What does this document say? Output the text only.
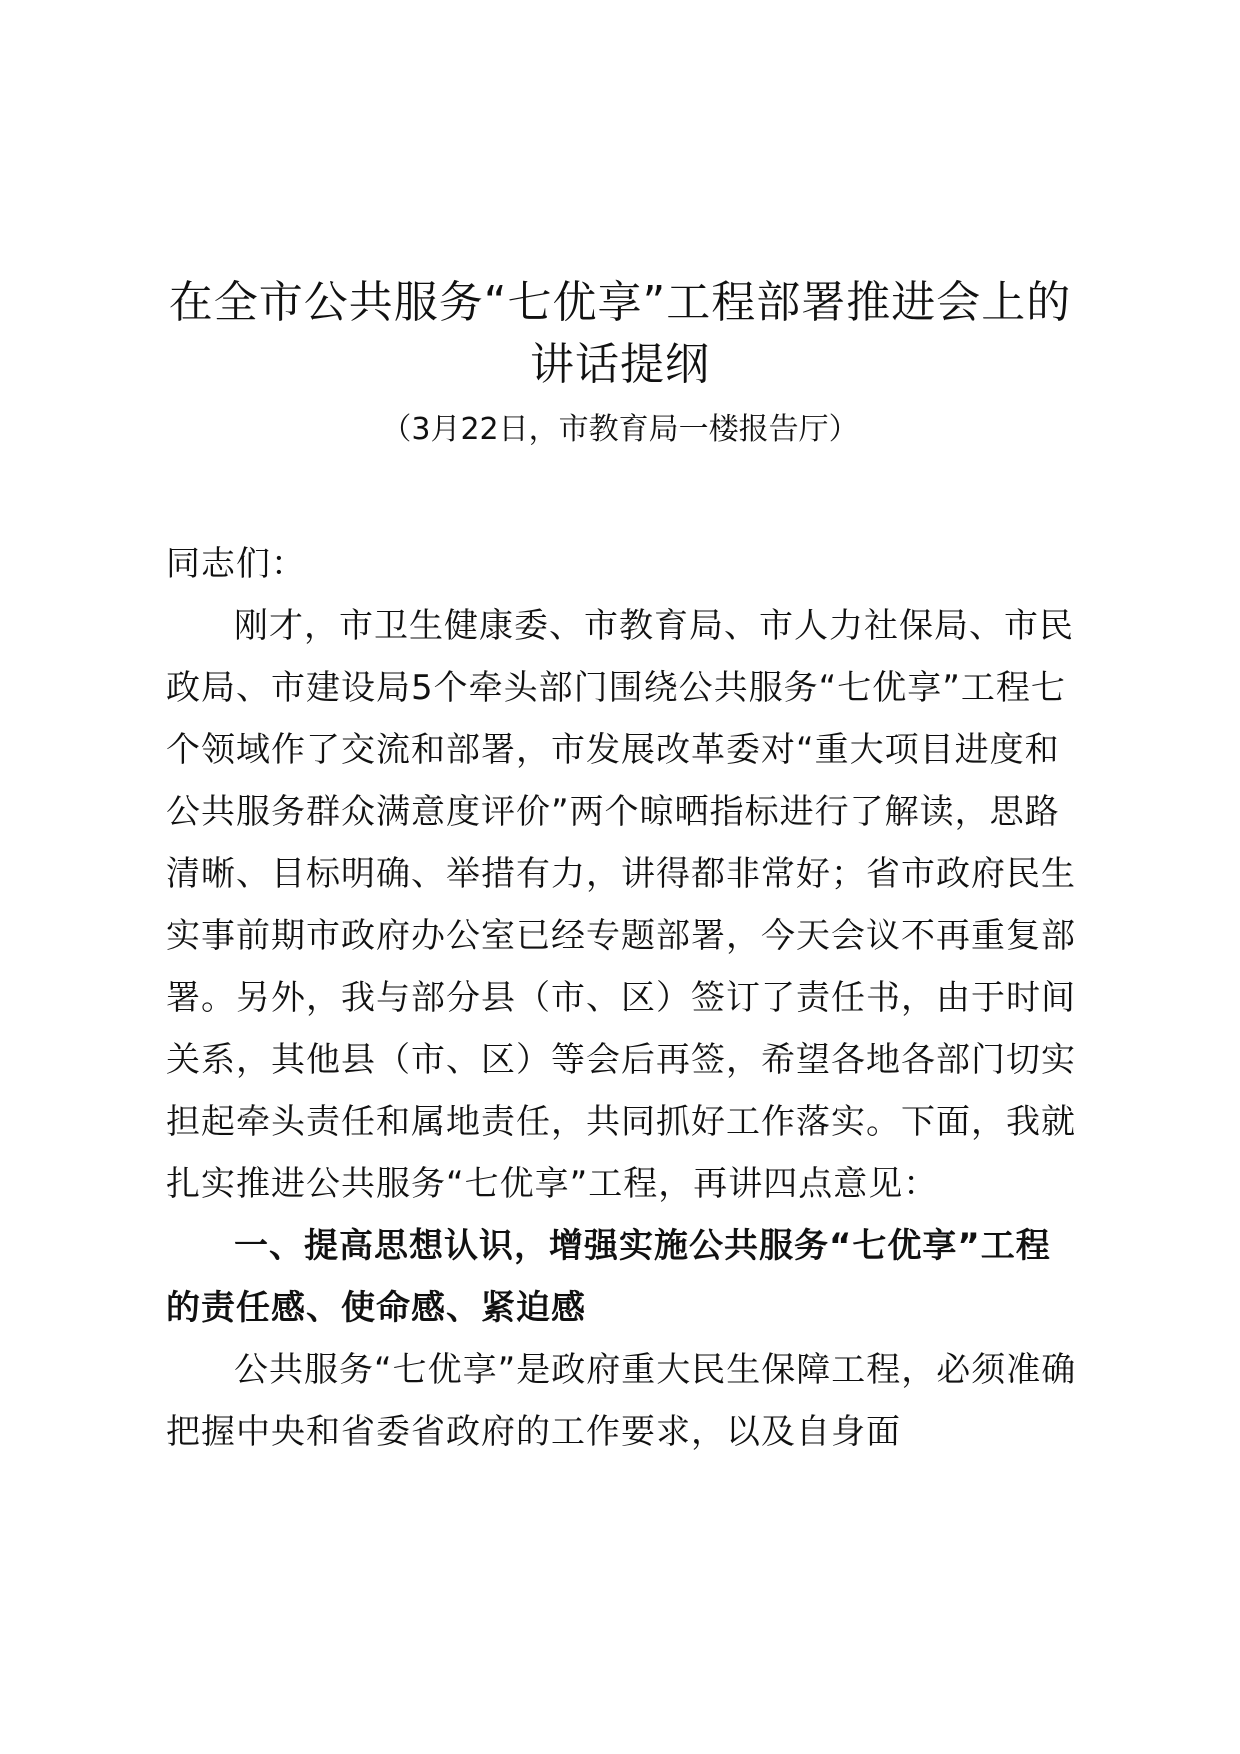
在全市公共服务“七优享”工程部署推进会上的讲话提纲

（3月22日，市教育局一楼报告厅）

同志们：

刚才，市卫生健康委、市教育局、市人力社保局、市民政局、市建设局5个牵头部门围绕公共服务“七优享”工程七个领域作了交流和部署，市发展改革委对“重大项目进度和公共服务群众满意度评价”两个晾晒指标进行了解读，思路清晰、目标明确、举措有力，讲得都非常好；省市政府民生实事前期市政府办公室已经专题部署，今天会议不再重复部署。另外，我与部分县（市、区）签订了责任书，由于时间关系，其他县（市、区）等会后再签，希望各地各部门切实担起牵头责任和属地责任，共同抓好工作落实。下面，我就扎实推进公共服务“七优享”工程，再讲四点意见：

一、提高思想认识，增强实施公共服务“七优享”工程的责任感、使命感、紧迫感

公共服务“七优享”是政府重大民生保障工程，必须准确把握中央和省委省政府的工作要求，以及自身面
